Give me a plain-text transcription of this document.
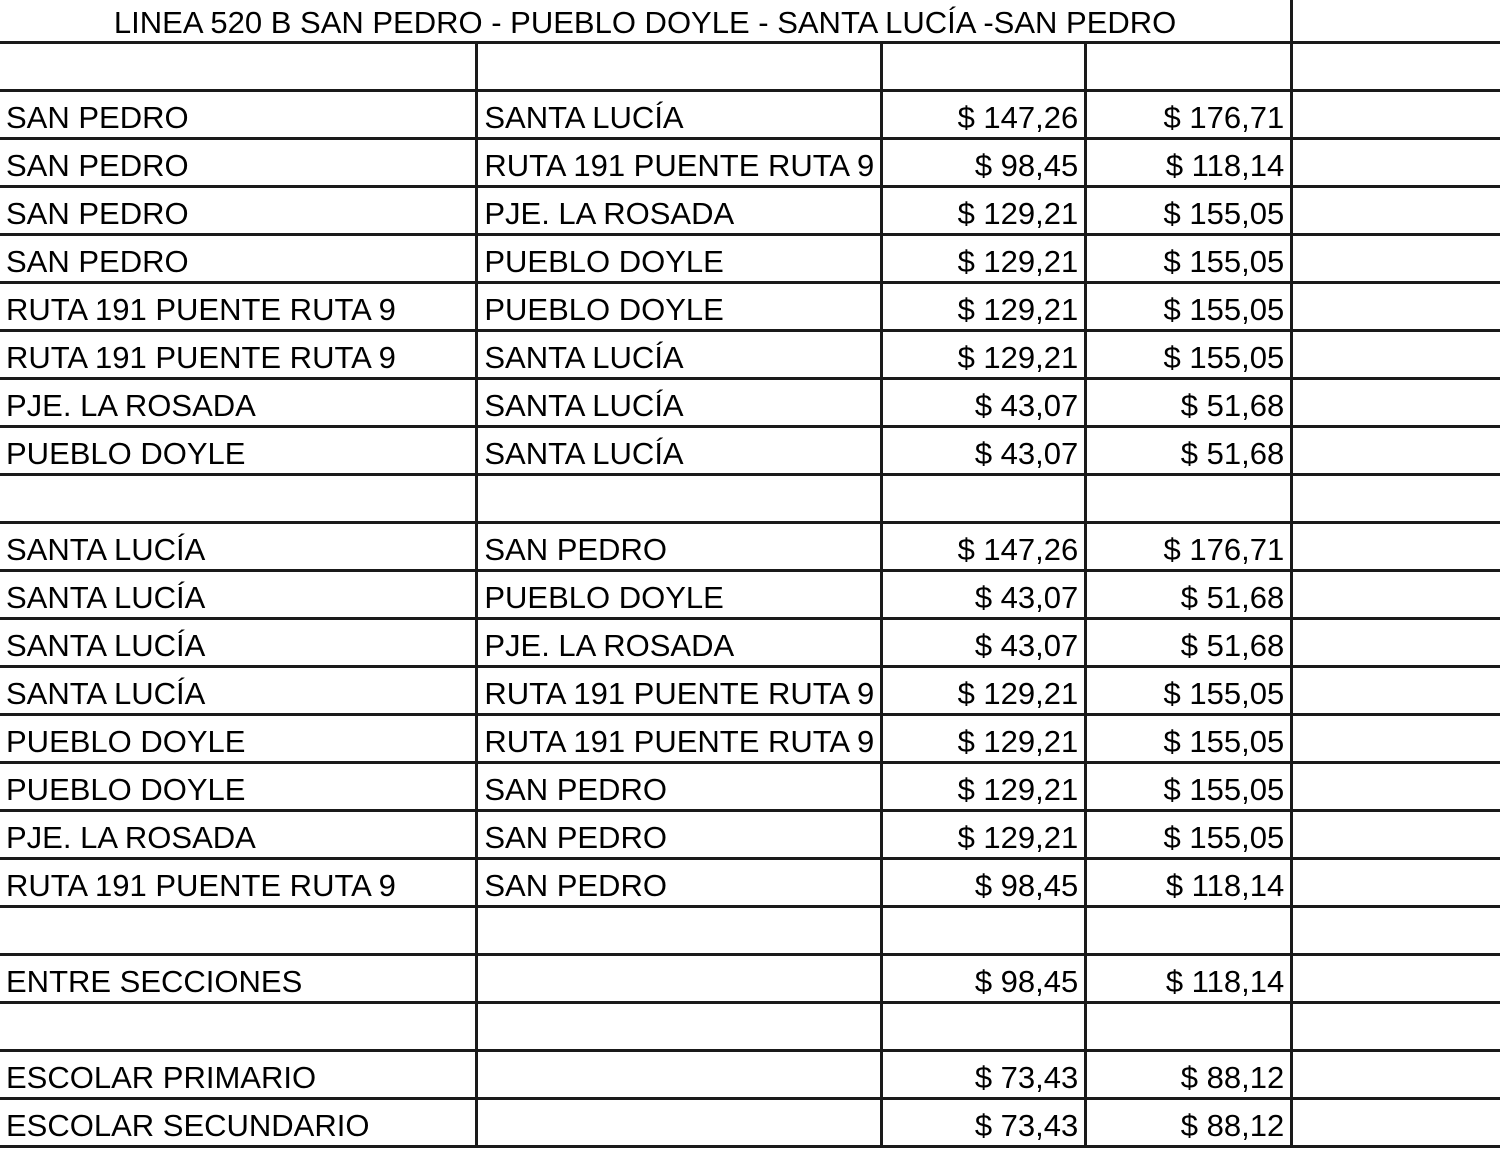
LINEA 520 B SAN PEDRO - PUEBLO DOYLE - SANTA LUCÍA -SAN PEDRO				

SAN PEDRO	SANTA LUCÍA	$ 147,26	$ 176,71	
SAN PEDRO	RUTA 191 PUENTE RUTA 9	$ 98,45	$ 118,14	
SAN PEDRO	PJE. LA ROSADA	$ 129,21	$ 155,05	
SAN PEDRO	PUEBLO DOYLE	$ 129,21	$ 155,05	
RUTA 191 PUENTE RUTA 9	PUEBLO DOYLE	$ 129,21	$ 155,05	
RUTA 191 PUENTE RUTA 9	SANTA LUCÍA	$ 129,21	$ 155,05	
PJE. LA ROSADA	SANTA LUCÍA	$ 43,07	$ 51,68	
PUEBLO DOYLE	SANTA LUCÍA	$ 43,07	$ 51,68	

SANTA LUCÍA	SAN PEDRO	$ 147,26	$ 176,71	
SANTA LUCÍA	PUEBLO DOYLE	$ 43,07	$ 51,68	
SANTA LUCÍA	PJE. LA ROSADA	$ 43,07	$ 51,68	
SANTA LUCÍA	RUTA 191 PUENTE RUTA 9	$ 129,21	$ 155,05	
PUEBLO DOYLE	RUTA 191 PUENTE RUTA 9	$ 129,21	$ 155,05	
PUEBLO DOYLE	SAN PEDRO	$ 129,21	$ 155,05	
PJE. LA ROSADA	SAN PEDRO	$ 129,21	$ 155,05	
RUTA 191 PUENTE RUTA 9	SAN PEDRO	$ 98,45	$ 118,14	

ENTRE SECCIONES		$ 98,45	$ 118,14	

ESCOLAR PRIMARIO		$ 73,43	$ 88,12	
ESCOLAR SECUNDARIO		$ 73,43	$ 88,12	
